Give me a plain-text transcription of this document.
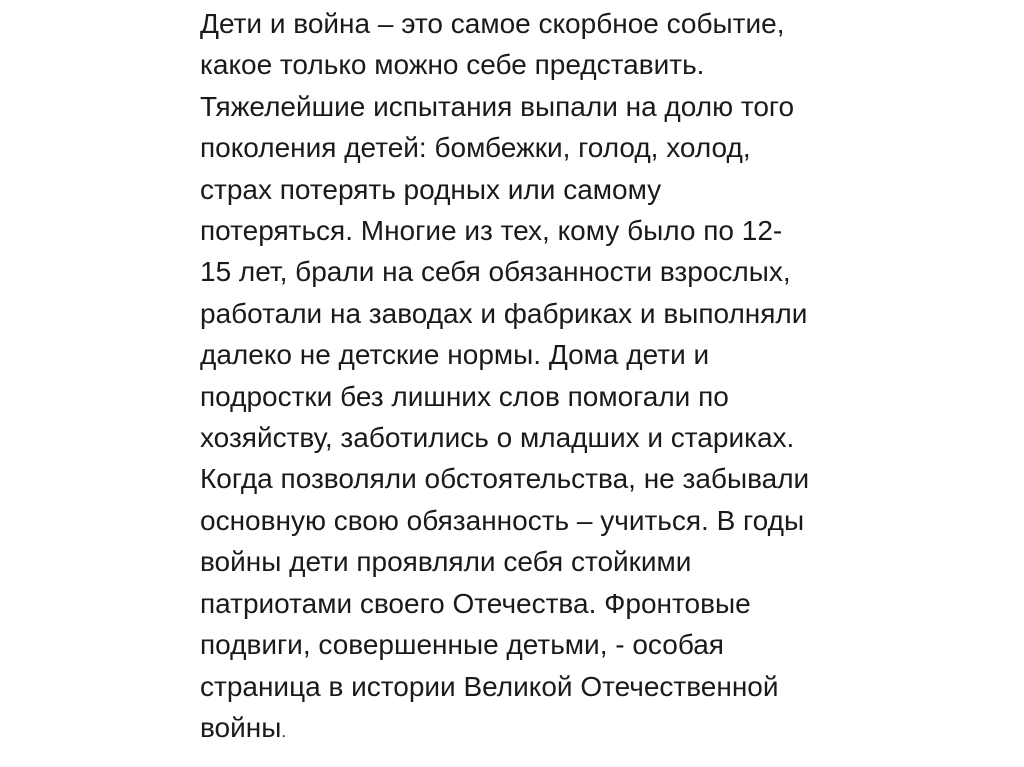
Дети и война – это самое скорбное событие,
какое только можно себе представить.
Тяжелейшие испытания выпали на долю того
поколения детей: бомбежки, голод, холод,
страх потерять родных или самому
потеряться. Многие из тех, кому было по 12-
15 лет, брали на себя обязанности взрослых,
работали на заводах и фабриках и выполняли
далеко не детские нормы. Дома дети и
подростки без лишних слов помогали по
хозяйству, заботились о младших и стариках.
Когда позволяли обстоятельства, не забывали
основную свою обязанность – учиться. В годы
войны дети проявляли себя стойкими
патриотами своего Отечества. Фронтовые
подвиги, совершенные детьми, - особая
страница в истории Великой Отечественной
войны.
